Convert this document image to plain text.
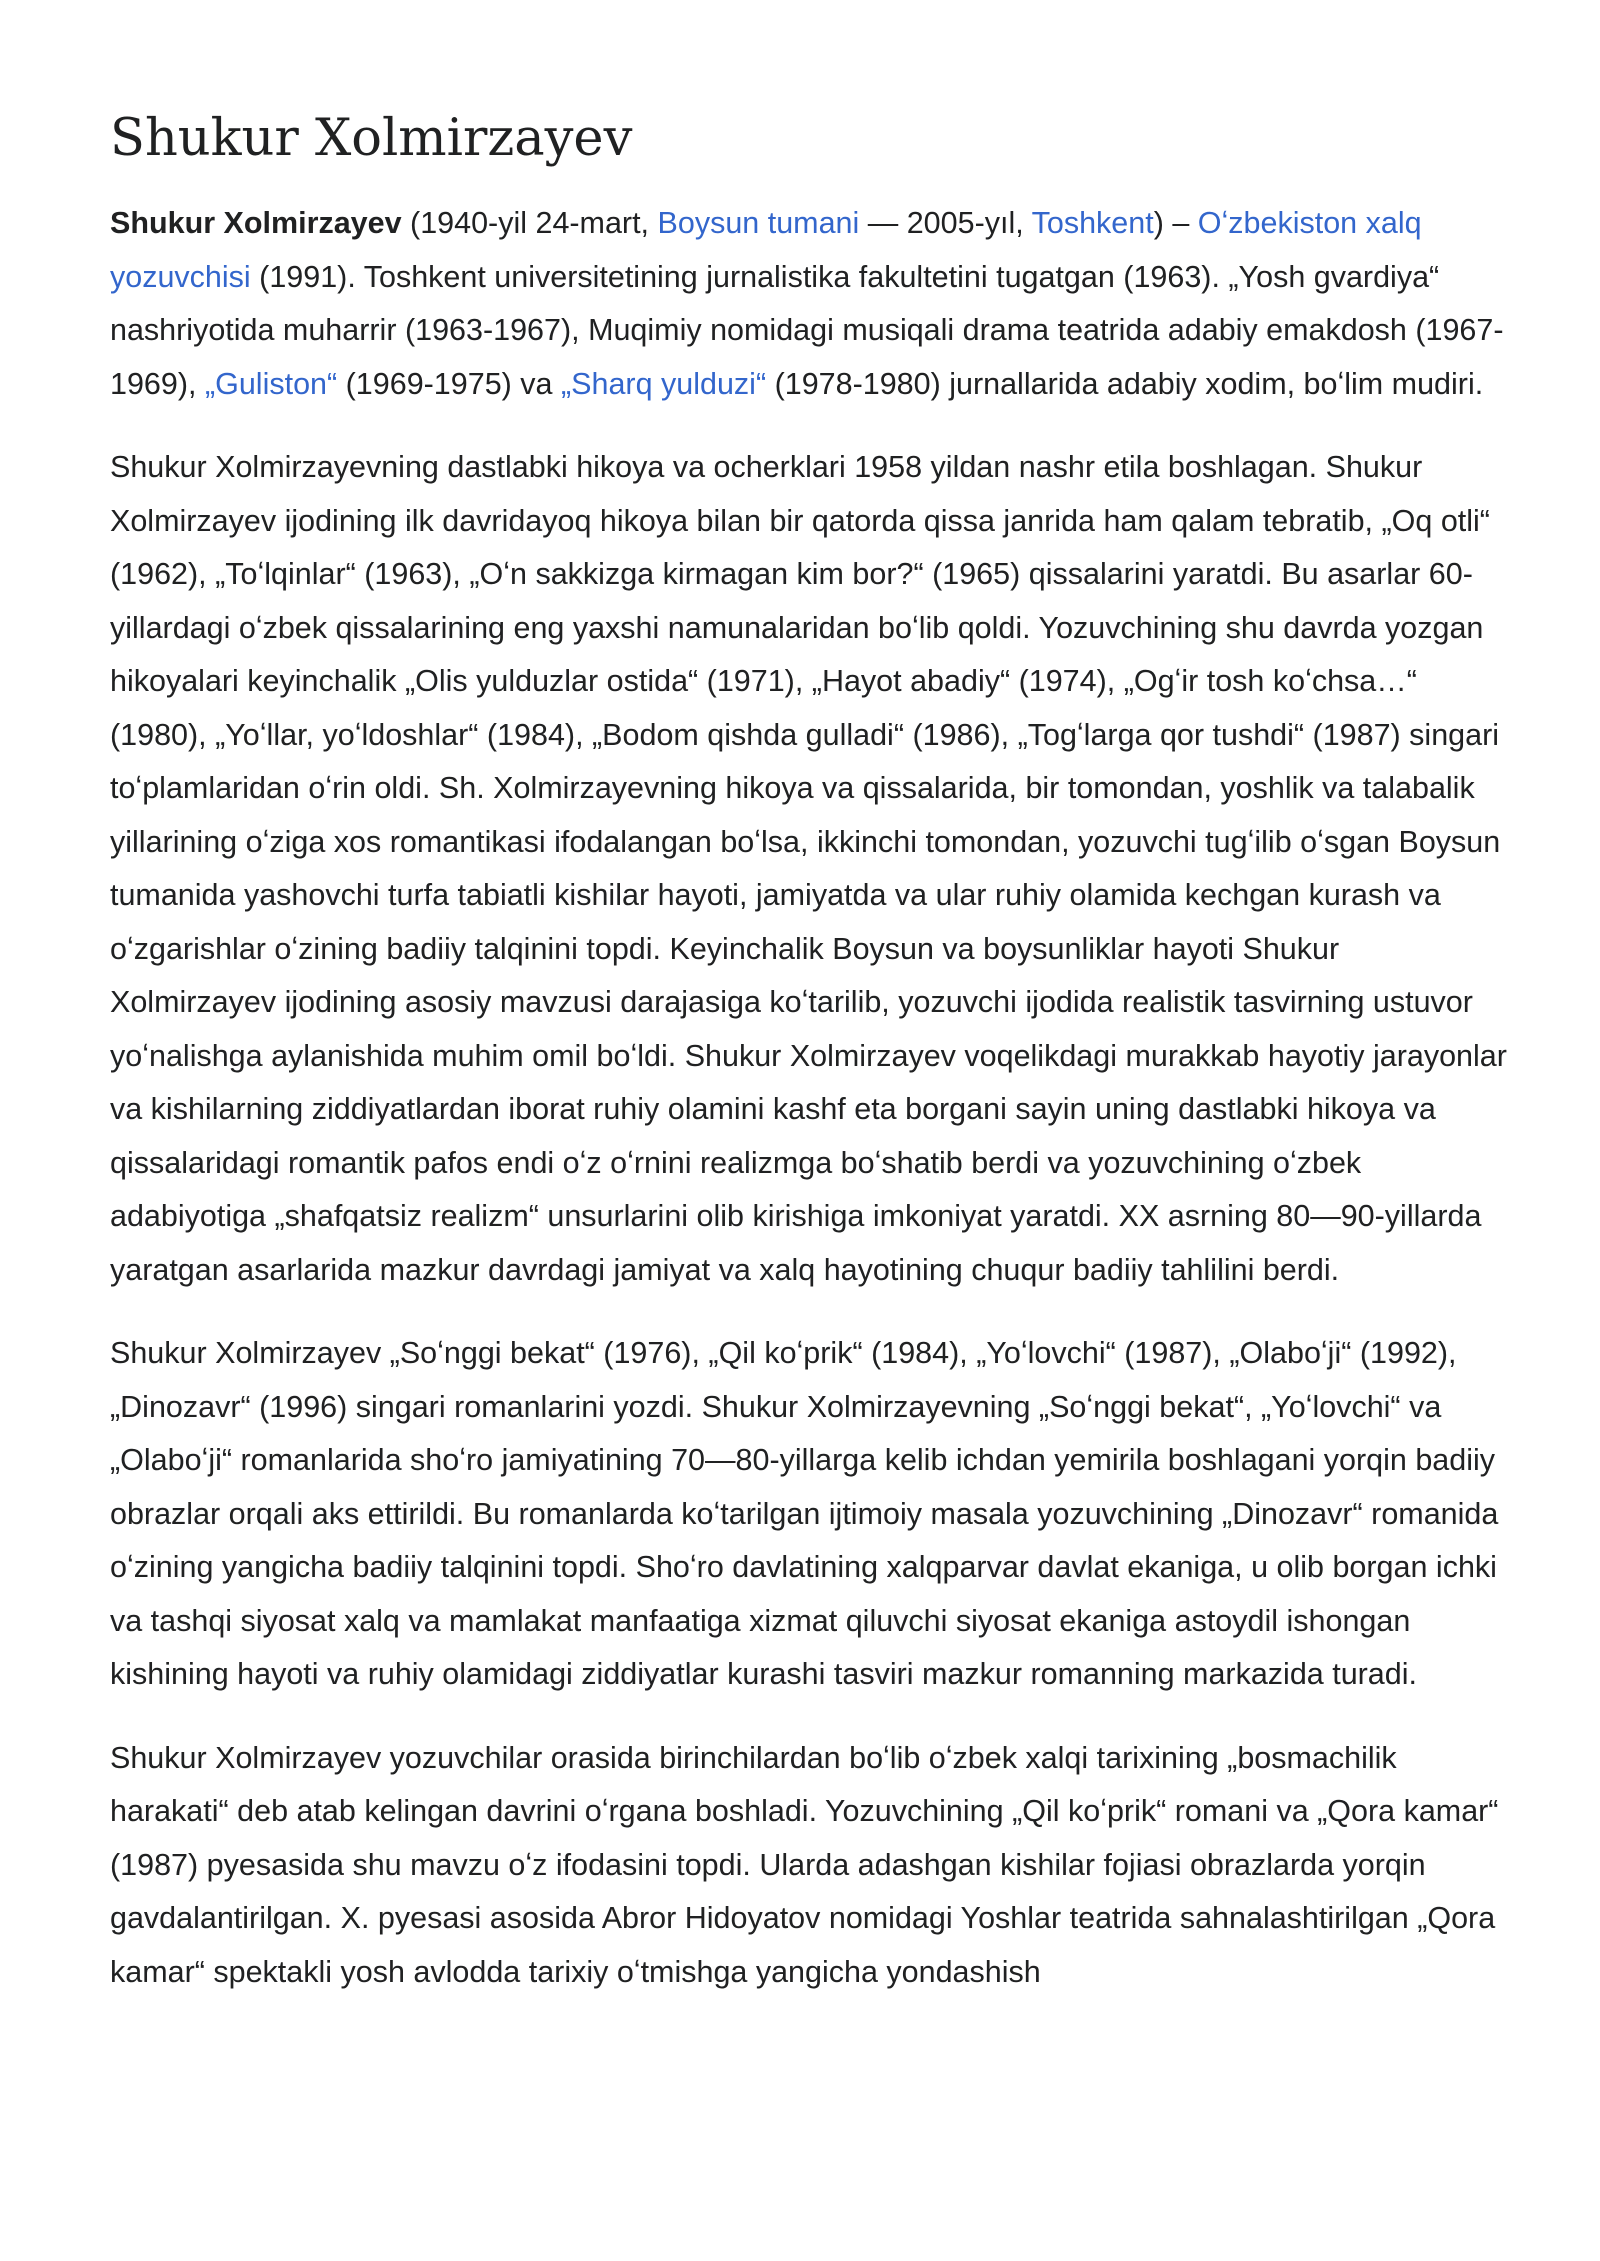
Shukur Xolmirzayev

Shukur Xolmirzayev (1940-yil 24-mart, Boysun tumani — 2005-yıl, Toshkent) – Oʻzbekiston xalq yozuvchisi (1991). Toshkent universitetining jurnalistika fakultetini tugatgan (1963). „Yosh gvardiya“ nashriyotida muharrir (1963-1967), Muqimiy nomidagi musiqali drama teatrida adabiy emakdosh (1967-1969), „Guliston“ (1969-1975) va „Sharq yulduzi“ (1978-1980) jurnallarida adabiy xodim, boʻlim mudiri.

Shukur Xolmirzayevning dastlabki hikoya va ocherklari 1958 yildan nashr etila boshlagan. Shukur Xolmirzayev ijodining ilk davridayoq hikoya bilan bir qatorda qissa janrida ham qalam tebratib, „Oq otli“ (1962), „Toʻlqinlar“ (1963), „Oʻn sakkizga kirmagan kim bor?“ (1965) qissalarini yaratdi. Bu asarlar 60-yillardagi oʻzbek qissalarining eng yaxshi namunalaridan boʻlib qoldi. Yozuvchining shu davrda yozgan hikoyalari keyinchalik „Olis yulduzlar ostida“ (1971), „Hayot abadiy“ (1974), „Ogʻir tosh koʻchsa…“ (1980), „Yoʻllar, yoʻldoshlar“ (1984), „Bodom qishda gulladi“ (1986), „Togʻlarga qor tushdi“ (1987) singari toʻplamlaridan oʻrin oldi. Sh. Xolmirzayevning hikoya va qissalarida, bir tomondan, yoshlik va talabalik yillarining oʻziga xos romantikasi ifodalangan boʻlsa, ikkinchi tomondan, yozuvchi tugʻilib oʻsgan Boysun tumanida yashovchi turfa tabiatli kishilar hayoti, jamiyatda va ular ruhiy olamida kechgan kurash va oʻzgarishlar oʻzining badiiy talqinini topdi. Keyinchalik Boysun va boysunliklar hayoti Shukur Xolmirzayev ijodining asosiy mavzusi darajasiga koʻtarilib, yozuvchi ijodida realistik tasvirning ustuvor yoʻnalishga aylanishida muhim omil boʻldi. Shukur Xolmirzayev voqelikdagi murakkab hayotiy jarayonlar va kishilarning ziddiyatlardan iborat ruhiy olamini kashf eta borgani sayin uning dastlabki hikoya va qissalaridagi romantik pafos endi oʻz oʻrnini realizmga boʻshatib berdi va yozuvchining oʻzbek adabiyotiga „shafqatsiz realizm“ unsurlarini olib kirishiga imkoniyat yaratdi. XX asrning 80—90-yillarda yaratgan asarlarida mazkur davrdagi jamiyat va xalq hayotining chuqur badiiy tahlilini berdi.

Shukur Xolmirzayev „Soʻnggi bekat“ (1976), „Qil koʻprik“ (1984), „Yoʻlovchi“ (1987), „Olaboʻji“ (1992), „Dinozavr“ (1996) singari romanlarini yozdi. Shukur Xolmirzayevning „Soʻnggi bekat“, „Yoʻlovchi“ va „Olaboʻji“ romanlarida shoʻro jamiyatining 70—80-yillarga kelib ichdan yemirila boshlagani yorqin badiiy obrazlar orqali aks ettirildi. Bu romanlarda koʻtarilgan ijtimoiy masala yozuvchining „Dinozavr“ romanida oʻzining yangicha badiiy talqinini topdi. Shoʻro davlatining xalqparvar davlat ekaniga, u olib borgan ichki va tashqi siyosat xalq va mamlakat manfaatiga xizmat qiluvchi siyosat ekaniga astoydil ishongan kishining hayoti va ruhiy olamidagi ziddiyatlar kurashi tasviri mazkur romanning markazida turadi.

Shukur Xolmirzayev yozuvchilar orasida birinchilardan boʻlib oʻzbek xalqi tarixining „bosmachilik harakati“ deb atab kelingan davrini oʻrgana boshladi. Yozuvchining „Qil koʻprik“ romani va „Qora kamar“ (1987) pyesasida shu mavzu oʻz ifodasini topdi. Ularda adashgan kishilar fojiasi obrazlarda yorqin gavdalantirilgan. X. pyesasi asosida Abror Hidoyatov nomidagi Yoshlar teatrida sahnalashtirilgan „Qora kamar“ spektakli yosh avlodda tarixiy oʻtmishga yangicha yondashish
